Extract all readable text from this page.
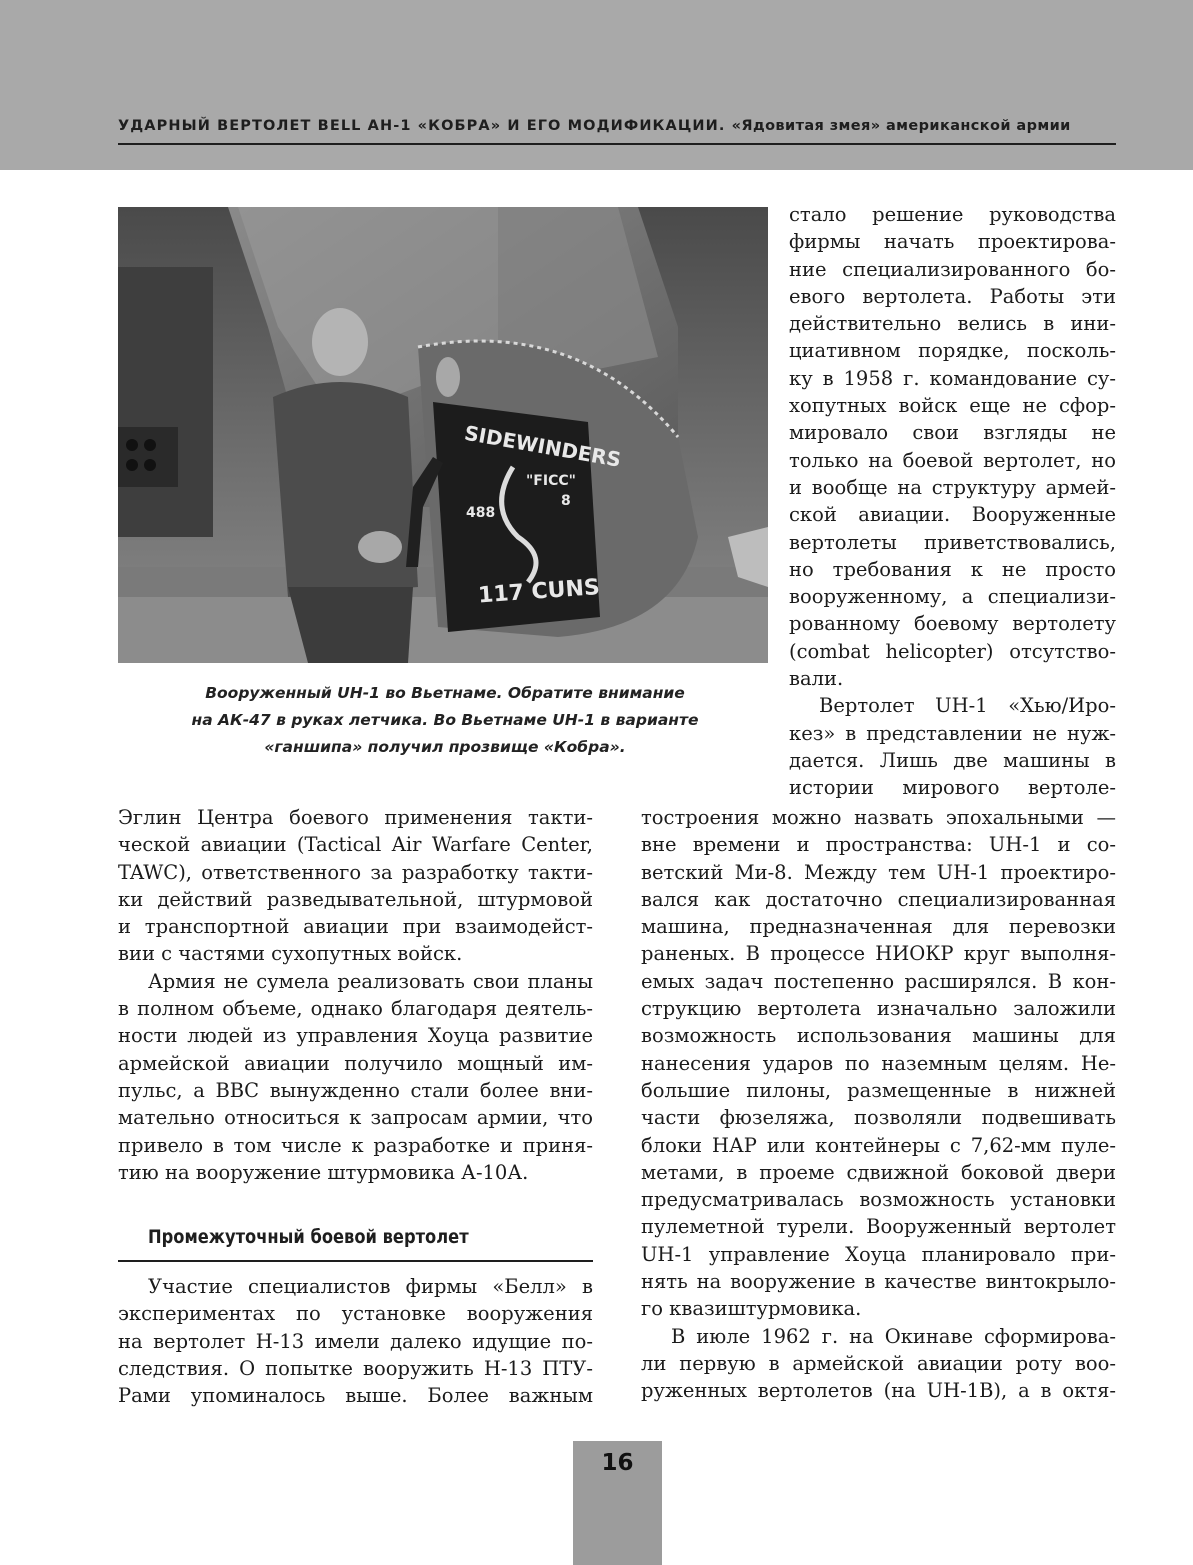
УДАРНЫЙ ВЕРТОЛЕТ BELL АН-1 «КОБРА» И ЕГО МОДИФИКАЦИИ. «Ядовитая змея» американской армии
SIDEWINDERS
"FICC"
488
8
117 CUNS
Вооруженный UH-1 во Вьетнаме. Обратите внимание
на АК-47 в руках летчика. Во Вьетнаме UH-1 в варианте
«ганшипа» получил прозвище «Кобра».
стало решение руководства
фирмы начать проектирова-
ние специализированного бо-
евого вертолета. Работы эти
действительно велись в ини-
циативном порядке, посколь-
ку в 1958 г. командование су-
хопутных войск еще не сфор-
мировало свои взгляды не
только на боевой вертолет, но
и вообще на структуру армей-
ской авиации. Вооруженные
вертолеты приветствовались,
но требования к не просто
вооруженному, а специализи-
рованному боевому вертолету
(combat helicopter) отсутство-
вали.
Вертолет UH-1 «Хью/Иро-
кез» в представлении не нуж-
дается. Лишь две машины в
истории мирового вертоле-
Эглин Центра боевого применения такти-
ческой авиации (Tactical Air Warfare Center,
TAWC), ответственного за разработку такти-
ки действий разведывательной, штурмовой
и транспортной авиации при взаимодейст-
вии с частями сухопутных войск.
Армия не сумела реализовать свои планы
в полном объеме, однако благодаря деятель-
ности людей из управления Хоуца развитие
армейской авиации получило мощный им-
пульс, а ВВС вынужденно стали более вни-
мательно относиться к запросам армии, что
привело в том числе к разработке и приня-
тию на вооружение штурмовика А-10А.
Промежуточный боевой вертолет
Участие специалистов фирмы «Белл» в
экспериментах по установке вооружения
на вертолет Н-13 имели далеко идущие по-
следствия. О попытке вооружить Н-13 ПТУ-
Рами упоминалось выше. Более важным
тостроения можно назвать эпохальными —
вне времени и пространства: UH-1 и со-
ветский Ми-8. Между тем UH-1 проектиро-
вался как достаточно специализированная
машина, предназначенная для перевозки
раненых. В процессе НИОКР круг выполня-
емых задач постепенно расширялся. В кон-
струкцию вертолета изначально заложили
возможность использования машины для
нанесения ударов по наземным целям. Не-
большие пилоны, размещенные в нижней
части фюзеляжа, позволяли подвешивать
блоки НАР или контейнеры с 7,62-мм пуле-
метами, в проеме сдвижной боковой двери
предусматривалась возможность установки
пулеметной турели. Вооруженный вертолет
UH-1 управление Хоуца планировало при-
нять на вооружение в качестве винтокрыло-
го квазиштурмовика.
В июле 1962 г. на Окинаве сформирова-
ли первую в армейской авиации роту воо-
руженных вертолетов (на UH-1B), а в октя-
16
